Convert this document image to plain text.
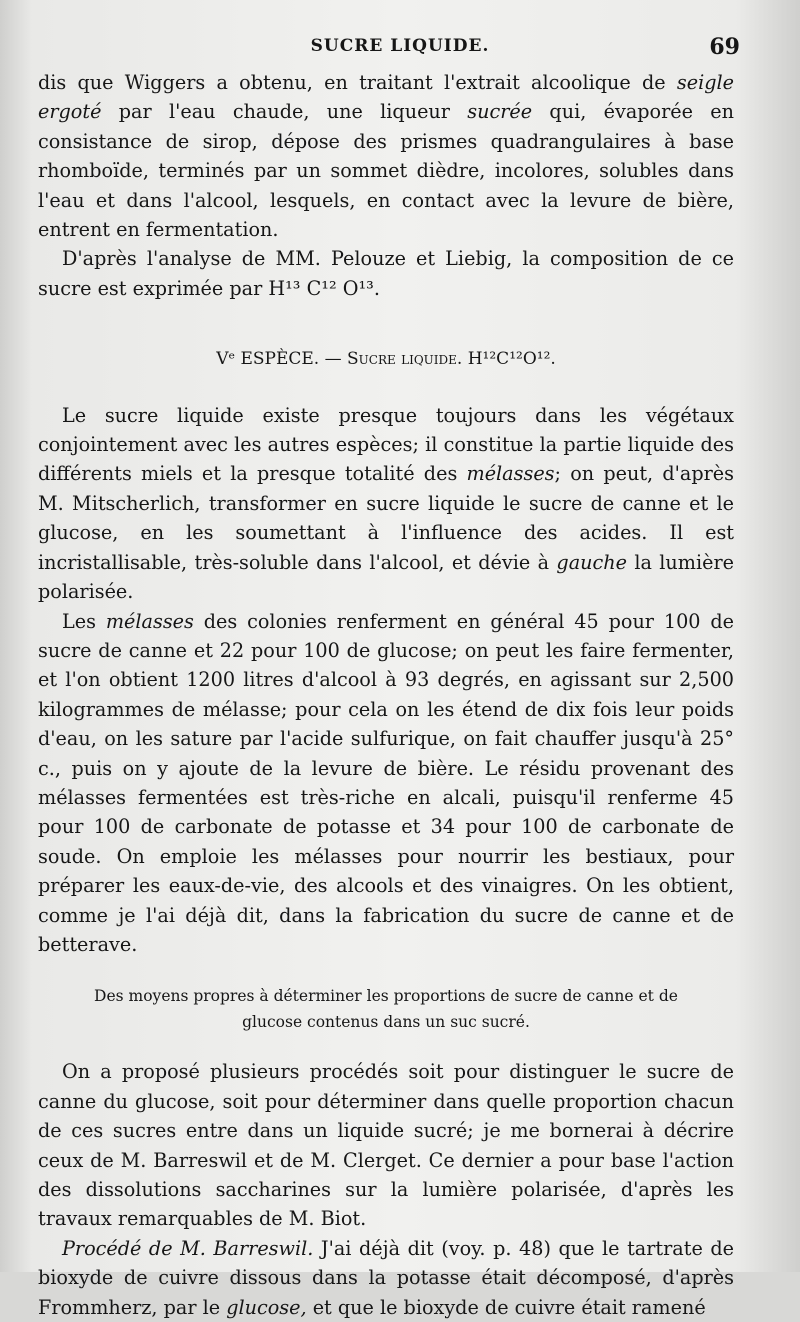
SUCRE LIQUIDE.	69

dis que Wiggers a obtenu, en traitant l'extrait alcoolique de seigle ergoté par l'eau chaude, une liqueur sucrée qui, évaporée en consistance de sirop, dépose des prismes quadrangulaires à base rhomboïde, terminés par un sommet dièdre, incolores, solubles dans l'eau et dans l'alcool, lesquels, en contact avec la levure de bière, entrent en fermentation.

D'après l'analyse de MM. Pelouze et Liebig, la composition de ce sucre est exprimée par H¹³ C¹² O¹³.

Vᵉ ESPÈCE. — Sucre liquide. H¹²C¹²O¹².

Le sucre liquide existe presque toujours dans les végétaux conjointement avec les autres espèces; il constitue la partie liquide des différents miels et la presque totalité des mélasses; on peut, d'après M. Mitscherlich, transformer en sucre liquide le sucre de canne et le glucose, en les soumettant à l'influence des acides. Il est incristallisable, très-soluble dans l'alcool, et dévie à gauche la lumière polarisée.

Les mélasses des colonies renferment en général 45 pour 100 de sucre de canne et 22 pour 100 de glucose; on peut les faire fermenter, et l'on obtient 1200 litres d'alcool à 93 degrés, en agissant sur 2,500 kilogrammes de mélasse; pour cela on les étend de dix fois leur poids d'eau, on les sature par l'acide sulfurique, on fait chauffer jusqu'à 25° c., puis on y ajoute de la levure de bière. Le résidu provenant des mélasses fermentées est très-riche en alcali, puisqu'il renferme 45 pour 100 de carbonate de potasse et 34 pour 100 de carbonate de soude. On emploie les mélasses pour nourrir les bestiaux, pour préparer les eaux-de-vie, des alcools et des vinaigres. On les obtient, comme je l'ai déjà dit, dans la fabrication du sucre de canne et de betterave.

Des moyens propres à déterminer les proportions de sucre de canne et de glucose contenus dans un suc sucré.

On a proposé plusieurs procédés soit pour distinguer le sucre de canne du glucose, soit pour déterminer dans quelle proportion chacun de ces sucres entre dans un liquide sucré; je me bornerai à décrire ceux de M. Barreswil et de M. Clerget. Ce dernier a pour base l'action des dissolutions saccharines sur la lumière polarisée, d'après les travaux remarquables de M. Biot.

Procédé de M. Barreswil. J'ai déjà dit (voy. p. 48) que le tartrate de bioxyde de cuivre dissous dans la potasse était décomposé, d'après Frommherz, par le glucose, et que le bioxyde de cuivre était ramené
